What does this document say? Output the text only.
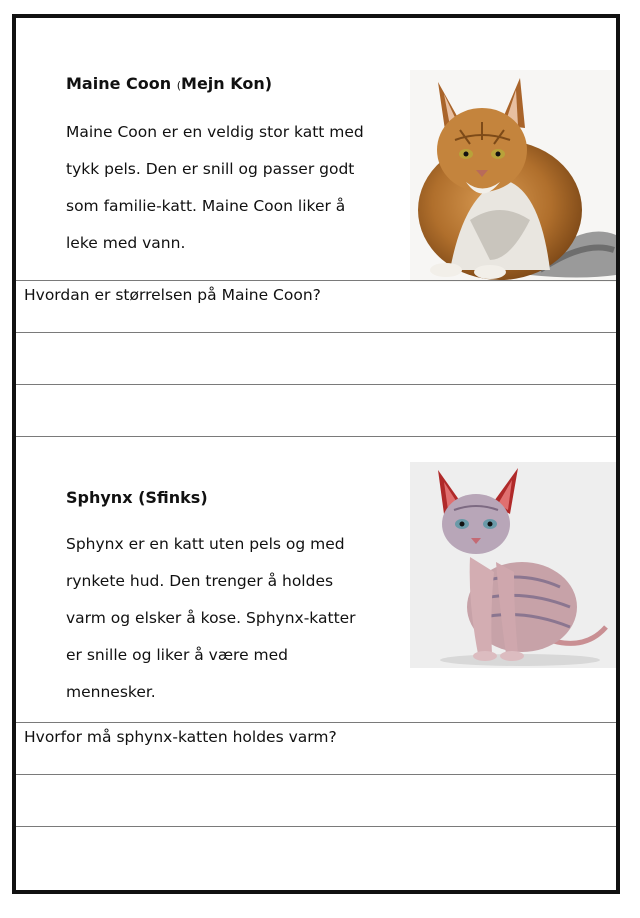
Maine Coon (Mejn Kon)
Maine Coon er en veldig stor katt med
tykk pels. Den er snill og passer godt
som familie-katt. Maine Coon liker å
leke med vann.
Hvordan er størrelsen på Maine Coon?
Sphynx (Sfinks)
Sphynx er en katt uten pels og med
rynkete hud. Den trenger å holdes
varm og elsker å kose. Sphynx-katter
er snille og liker å være med
mennesker.
Hvorfor må sphynx-katten holdes varm?
